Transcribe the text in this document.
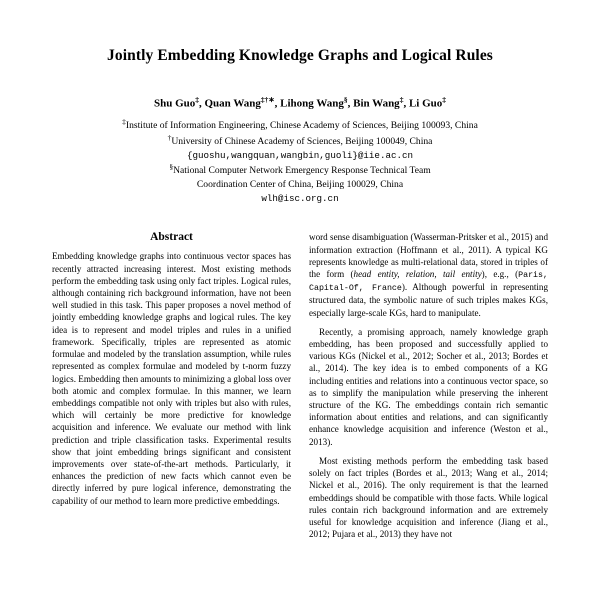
Jointly Embedding Knowledge Graphs and Logical Rules
Shu Guo‡, Quan Wang‡†∗, Lihong Wang§, Bin Wang‡, Li Guo‡
‡Institute of Information Engineering, Chinese Academy of Sciences, Beijing 100093, China
†University of Chinese Academy of Sciences, Beijing 100049, China
{guoshu,wangquan,wangbin,guoli}@iie.ac.cn
§National Computer Network Emergency Response Technical Team
Coordination Center of China, Beijing 100029, China
wlh@isc.org.cn
Abstract

Embedding knowledge graphs into continuous vector spaces has recently attracted increasing interest. Most existing methods perform the embedding task using only fact triples. Logical rules, although containing rich background information, have not been well studied in this task. This paper proposes a novel method of jointly embedding knowledge graphs and logical rules. The key idea is to represent and model triples and rules in a unified framework. Specifically, triples are represented as atomic formulae and modeled by the translation assumption, while rules represented as complex formulae and modeled by t-norm fuzzy logics. Embedding then amounts to minimizing a global loss over both atomic and complex formulae. In this manner, we learn embeddings compatible not only with triples but also with rules, which will certainly be more predictive for knowledge acquisition and inference. We evaluate our method with link prediction and triple classification tasks. Experimental results show that joint embedding brings significant and consistent improvements over state-of-the-art methods. Particularly, it enhances the prediction of new facts which cannot even be directly inferred by pure logical inference, demonstrating the capability of our method to learn more predictive embeddings.

word sense disambiguation (Wasserman-Pritsker et al., 2015) and information extraction (Hoffmann et al., 2011). A typical KG represents knowledge as multi-relational data, stored in triples of the form (head entity, relation, tail entity), e.g., (Paris, Capital-Of, France). Although powerful in representing structured data, the symbolic nature of such triples makes KGs, especially large-scale KGs, hard to manipulate.

Recently, a promising approach, namely knowledge graph embedding, has been proposed and successfully applied to various KGs (Nickel et al., 2012; Socher et al., 2013; Bordes et al., 2014). The key idea is to embed components of a KG including entities and relations into a continuous vector space, so as to simplify the manipulation while preserving the inherent structure of the KG. The embeddings contain rich semantic information about entities and relations, and can significantly enhance knowledge acquisition and inference (Weston et al., 2013).

Most existing methods perform the embedding task based solely on fact triples (Bordes et al., 2013; Wang et al., 2014; Nickel et al., 2016). The only requirement is that the learned embeddings should be compatible with those facts. While logical rules contain rich background information and are extremely useful for knowledge acquisition and inference (Jiang et al., 2012; Pujara et al., 2013) they have not
